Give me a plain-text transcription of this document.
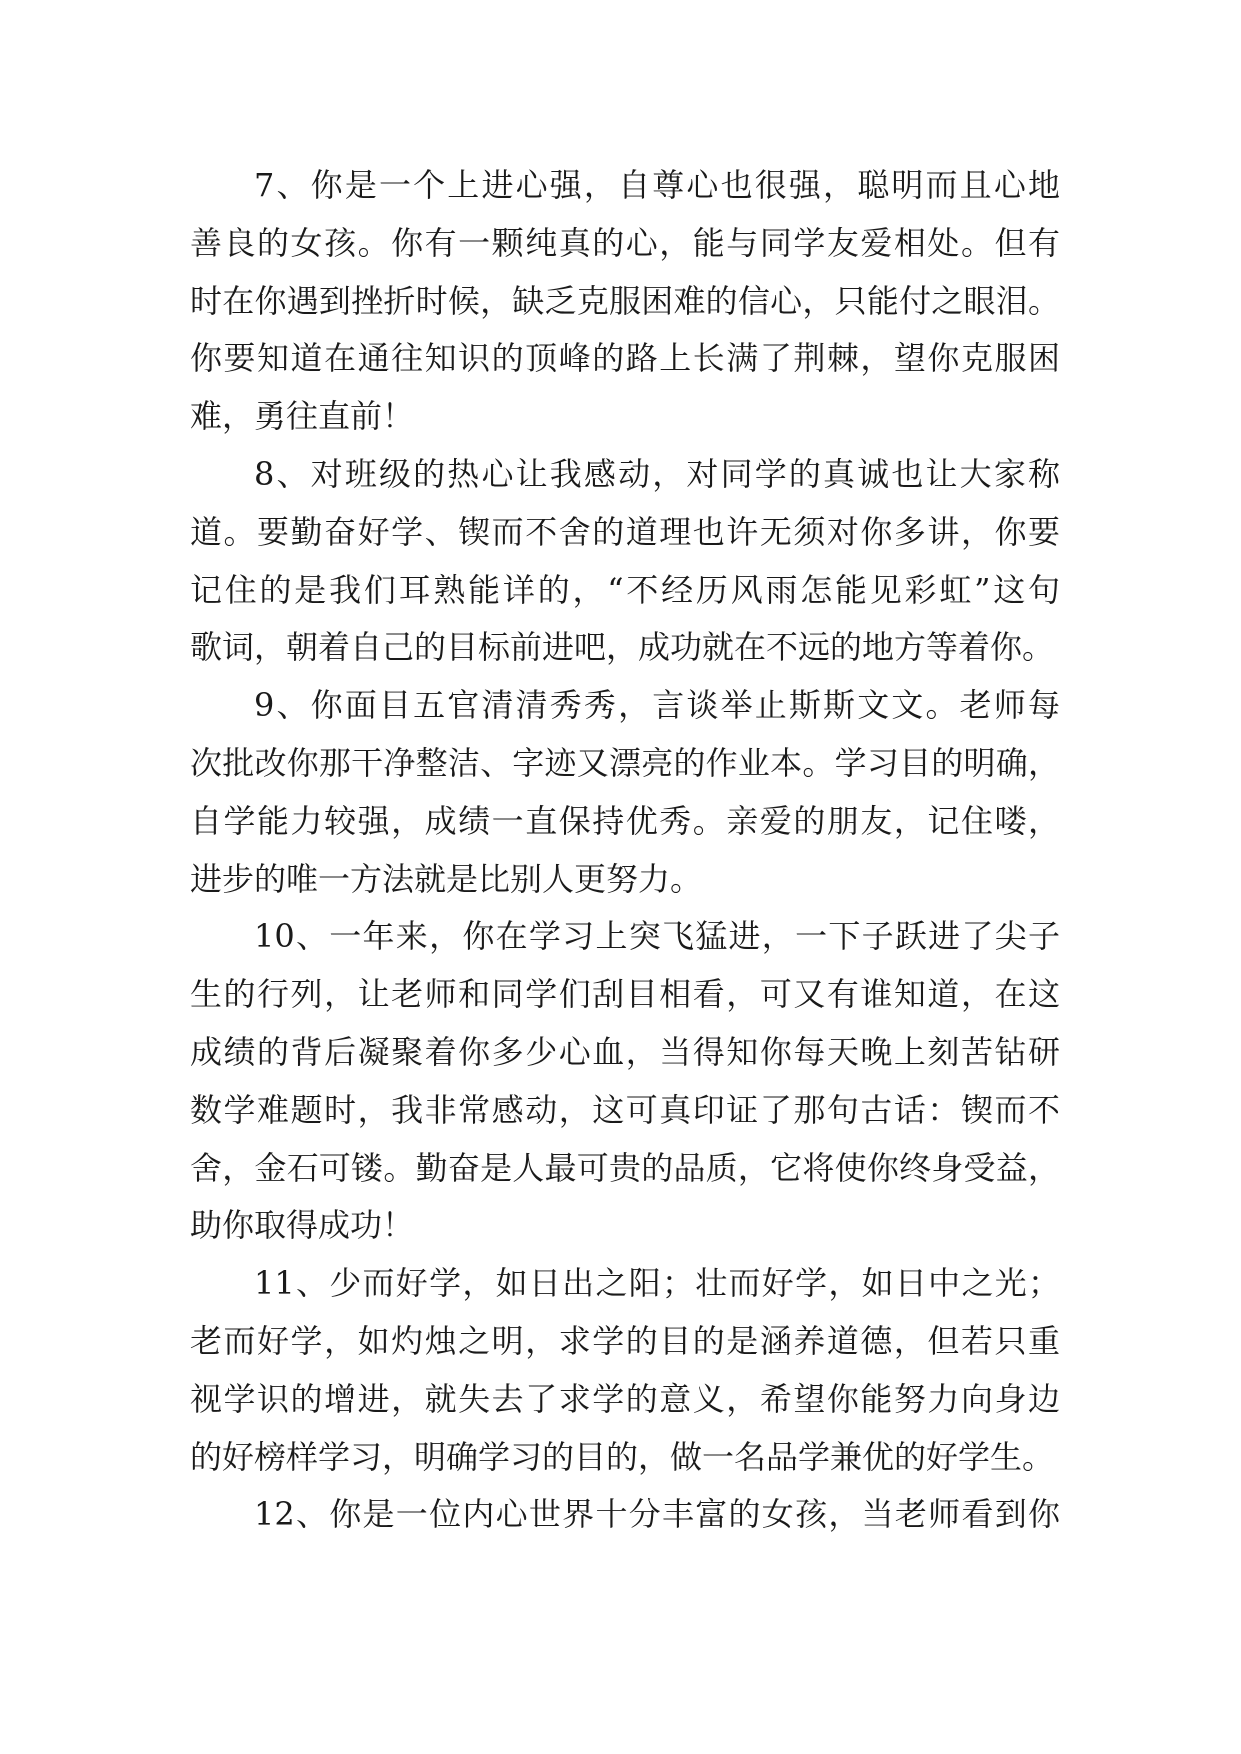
7、你是一个上进心强，自尊心也很强，聪明而且心地
善良的女孩。你有一颗纯真的心，能与同学友爱相处。但有
时在你遇到挫折时候，缺乏克服困难的信心，只能付之眼泪。
你要知道在通往知识的顶峰的路上长满了荆棘，望你克服困
难，勇往直前！
8、对班级的热心让我感动，对同学的真诚也让大家称
道。要勤奋好学、锲而不舍的道理也许无须对你多讲，你要
记住的是我们耳熟能详的，“不经历风雨怎能见彩虹”这句
歌词，朝着自己的目标前进吧，成功就在不远的地方等着你。
9、你面目五官清清秀秀，言谈举止斯斯文文。老师每
次批改你那干净整洁、字迹又漂亮的作业本。学习目的明确，
自学能力较强，成绩一直保持优秀。亲爱的朋友，记住喽，
进步的唯一方法就是比别人更努力。
10、一年来，你在学习上突飞猛进，一下子跃进了尖子
生的行列，让老师和同学们刮目相看，可又有谁知道，在这
成绩的背后凝聚着你多少心血，当得知你每天晚上刻苦钻研
数学难题时，我非常感动，这可真印证了那句古话：锲而不
舍，金石可镂。勤奋是人最可贵的品质，它将使你终身受益，
助你取得成功！
11、少而好学，如日出之阳；壮而好学，如日中之光；
老而好学，如灼烛之明，求学的目的是涵养道德，但若只重
视学识的增进，就失去了求学的意义，希望你能努力向身边
的好榜样学习，明确学习的目的，做一名品学兼优的好学生。
12、你是一位内心世界十分丰富的女孩，当老师看到你
